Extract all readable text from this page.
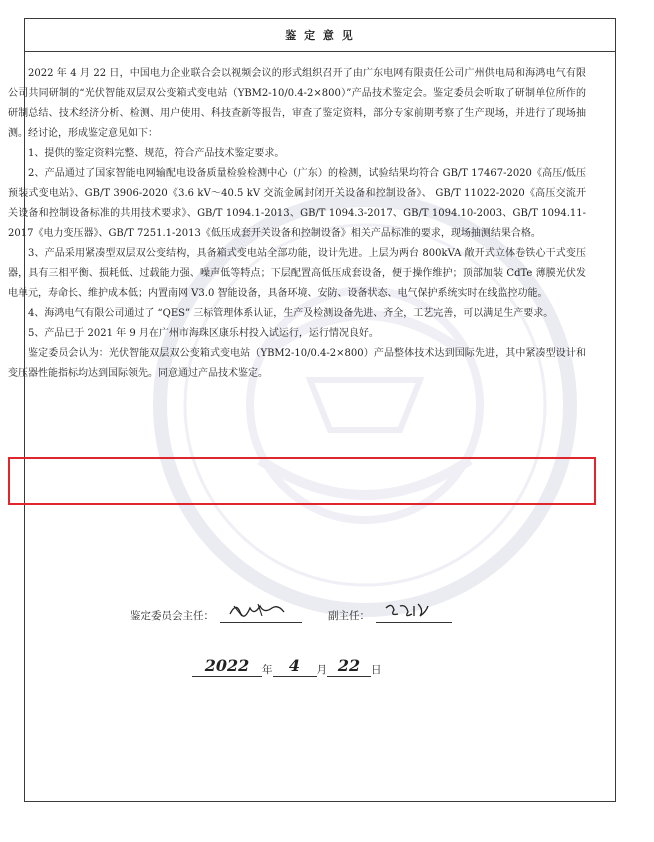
鉴 定 意 见

2022 年 4 月 22 日，中国电力企业联合会以视频会议的形式组织召开了由广东电网有限责任公司广州供电局和海鸿电气有限公司共同研制的“光伏智能双层双公变箱式变电站（YBM2-10/0.4-2×800）”产品技术鉴定会。鉴定委员会听取了研制单位所作的研制总结、技术经济分析、检测、用户使用、科技查新等报告，审查了鉴定资料，部分专家前期考察了生产现场，并进行了现场抽测。经讨论，形成鉴定意见如下：

1、提供的鉴定资料完整、规范，符合产品技术鉴定要求。

2、产品通过了国家智能电网输配电设备质量检验检测中心（广东）的检测，试验结果均符合 GB/T 17467-2020《高压/低压预装式变电站》、GB/T 3906-2020《3.6 kV～40.5 kV 交流金属封闭开关设备和控制设备》、 GB/T 11022-2020《高压交流开关设备和控制设备标准的共用技术要求》、GB/T 1094.1-2013、GB/T 1094.3-2017、GB/T 1094.10-2003、GB/T 1094.11-2017《电力变压器》、GB/T 7251.1-2013《低压成套开关设备和控制设备》相关产品标准的要求，现场抽测结果合格。

3、产品采用紧凑型双层双公变结构，具备箱式变电站全部功能，设计先进。上层为两台 800kVA 敞开式立体卷铁心干式变压器，具有三相平衡、损耗低、过载能力强、噪声低等特点；下层配置高低压成套设备，便于操作维护；顶部加装 CdTe 薄膜光伏发电单元，寿命长、维护成本低；内置南网 V3.0 智能设备，具备环境、安防、设备状态、电气保护系统实时在线监控功能。

4、海鸿电气有限公司通过了 “QES” 三标管理体系认证，生产及检测设备先进、齐全，工艺完善，可以满足生产要求。

5、产品已于 2021 年 9 月在广州市海珠区康乐村投入试运行，运行情况良好。

鉴定委员会认为：光伏智能双层双公变箱式变电站（YBM2-10/0.4-2×800）产品整体技术达到国际先进，其中紧凑型设计和变压器性能指标均达到国际领先。同意通过产品技术鉴定。

鉴定委员会主任：	副主任：
2022	年	4	月 22	日
